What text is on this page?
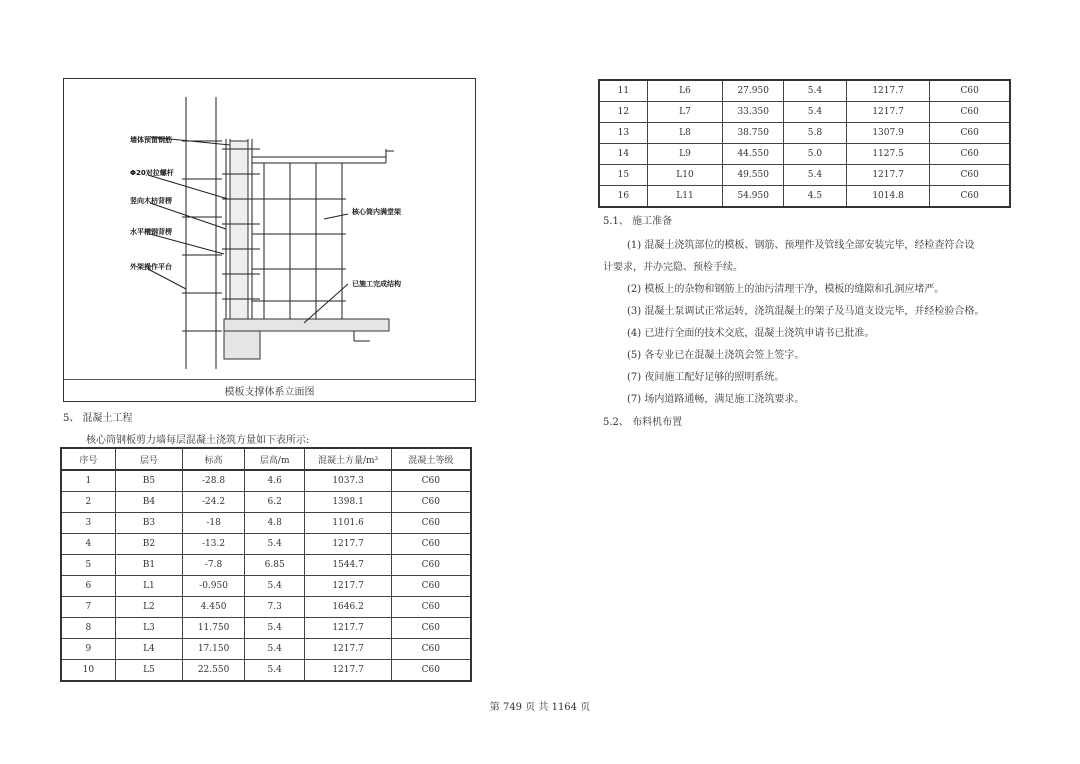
墙体预留钢筋
Φ20对拉螺杆
竖向木枋背楞
水平槽钢背楞
外架操作平台
核心筒内满堂架
已施工完成结构
模板支撑体系立面图
5、 混凝土工程
核心筒钢板剪力墙每层混凝土浇筑方量如下表所示:
序号	层号	标高	层高/m	混凝土方量/m³	混凝土等级
1	B5	-28.8	4.6	1037.3	C60
2	B4	-24.2	6.2	1398.1	C60
3	B3	-18	4.8	1101.6	C60
4	B2	-13.2	5.4	1217.7	C60
5	B1	-7.8	6.85	1544.7	C60
6	L1	-0.950	5.4	1217.7	C60
7	L2	4.450	7.3	1646.2	C60
8	L3	11.750	5.4	1217.7	C60
9	L4	17.150	5.4	1217.7	C60
10	L5	22.550	5.4	1217.7	C60
11	L6	27.950	5.4	1217.7	C60
12	L7	33.350	5.4	1217.7	C60
13	L8	38.750	5.8	1307.9	C60
14	L9	44.550	5.0	1127.5	C60
15	L10	49.550	5.4	1217.7	C60
16	L11	54.950	4.5	1014.8	C60
5.1、 施工准备
(1) 混凝土浇筑部位的模板、钢筋、预埋件及管线全部安装完毕，经检查符合设
计要求，并办完隐、预检手续。
(2) 模板上的杂物和钢筋上的油污清理干净，模板的缝隙和孔洞应堵严。
(3) 混凝土泵调试正常运转，浇筑混凝土的架子及马道支设完毕，并经检验合格。
(4) 已进行全面的技术交底，混凝土浇筑申请书已批准。
(5) 各专业已在混凝土浇筑会签上签字。
(7) 夜间施工配好足够的照明系统。
(7) 场内道路通畅，满足施工浇筑要求。
5.2、 布料机布置
第 749 页 共 1164 页
